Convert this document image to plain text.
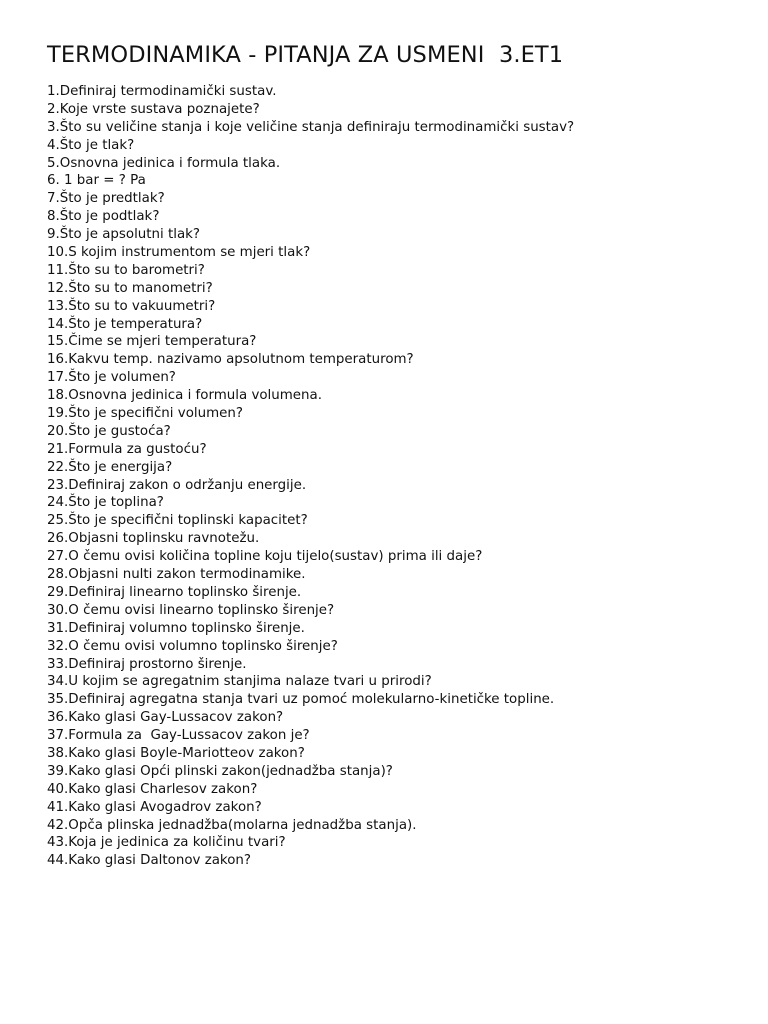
TERMODINAMIKA - PITANJA ZA USMENI  3.ET1
1.Definiraj termodinamički sustav.
2.Koje vrste sustava poznajete?
3.Što su veličine stanja i koje veličine stanja definiraju termodinamički sustav?
4.Što je tlak?
5.Osnovna jedinica i formula tlaka.
6. 1 bar = ? Pa
7.Što je predtlak?
8.Što je podtlak?
9.Što je apsolutni tlak?
10.S kojim instrumentom se mjeri tlak?
11.Što su to barometri?
12.Što su to manometri?
13.Što su to vakuumetri?
14.Što je temperatura?
15.Čime se mjeri temperatura?
16.Kakvu temp. nazivamo apsolutnom temperaturom?
17.Što je volumen?
18.Osnovna jedinica i formula volumena.
19.Što je specifični volumen?
20.Što je gustoća?
21.Formula za gustoću?
22.Što je energija?
23.Definiraj zakon o održanju energije.
24.Što je toplina?
25.Što je specifični toplinski kapacitet?
26.Objasni toplinsku ravnotežu.
27.O čemu ovisi količina topline koju tijelo(sustav) prima ili daje?
28.Objasni nulti zakon termodinamike.
29.Definiraj linearno toplinsko širenje.
30.O čemu ovisi linearno toplinsko širenje?
31.Definiraj volumno toplinsko širenje.
32.O čemu ovisi volumno toplinsko širenje?
33.Definiraj prostorno širenje.
34.U kojim se agregatnim stanjima nalaze tvari u prirodi?
35.Definiraj agregatna stanja tvari uz pomoć molekularno-kinetičke topline.
36.Kako glasi Gay-Lussacov zakon?
37.Formula za  Gay-Lussacov zakon je?
38.Kako glasi Boyle-Mariotteov zakon?
39.Kako glasi Opći plinski zakon(jednadžba stanja)?
40.Kako glasi Charlesov zakon?
41.Kako glasi Avogadrov zakon?
42.Opča plinska jednadžba(molarna jednadžba stanja).
43.Koja je jedinica za količinu tvari?
44.Kako glasi Daltonov zakon?
